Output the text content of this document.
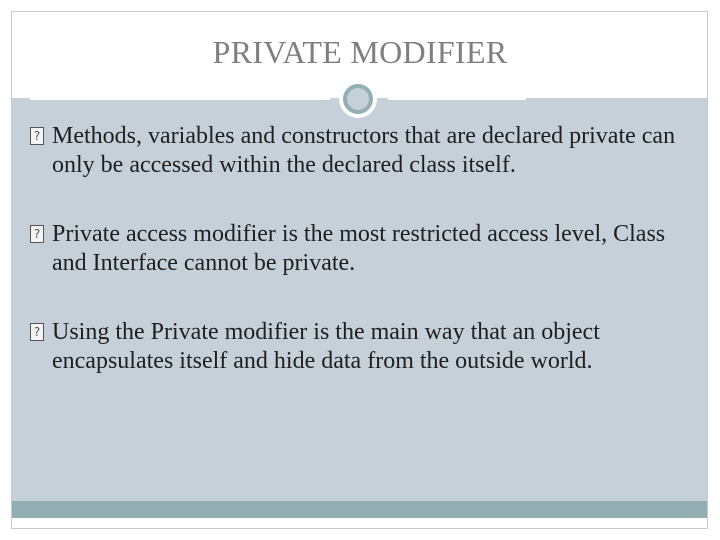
PRIVATE MODIFIER
? Methods, variables and constructors that are declared private can only be accessed within the declared class itself.
? Private access modifier is the most restricted access level, Class and Interface cannot be private.
? Using the Private modifier is the main way that an object encapsulates itself and hide data from the outside world.
